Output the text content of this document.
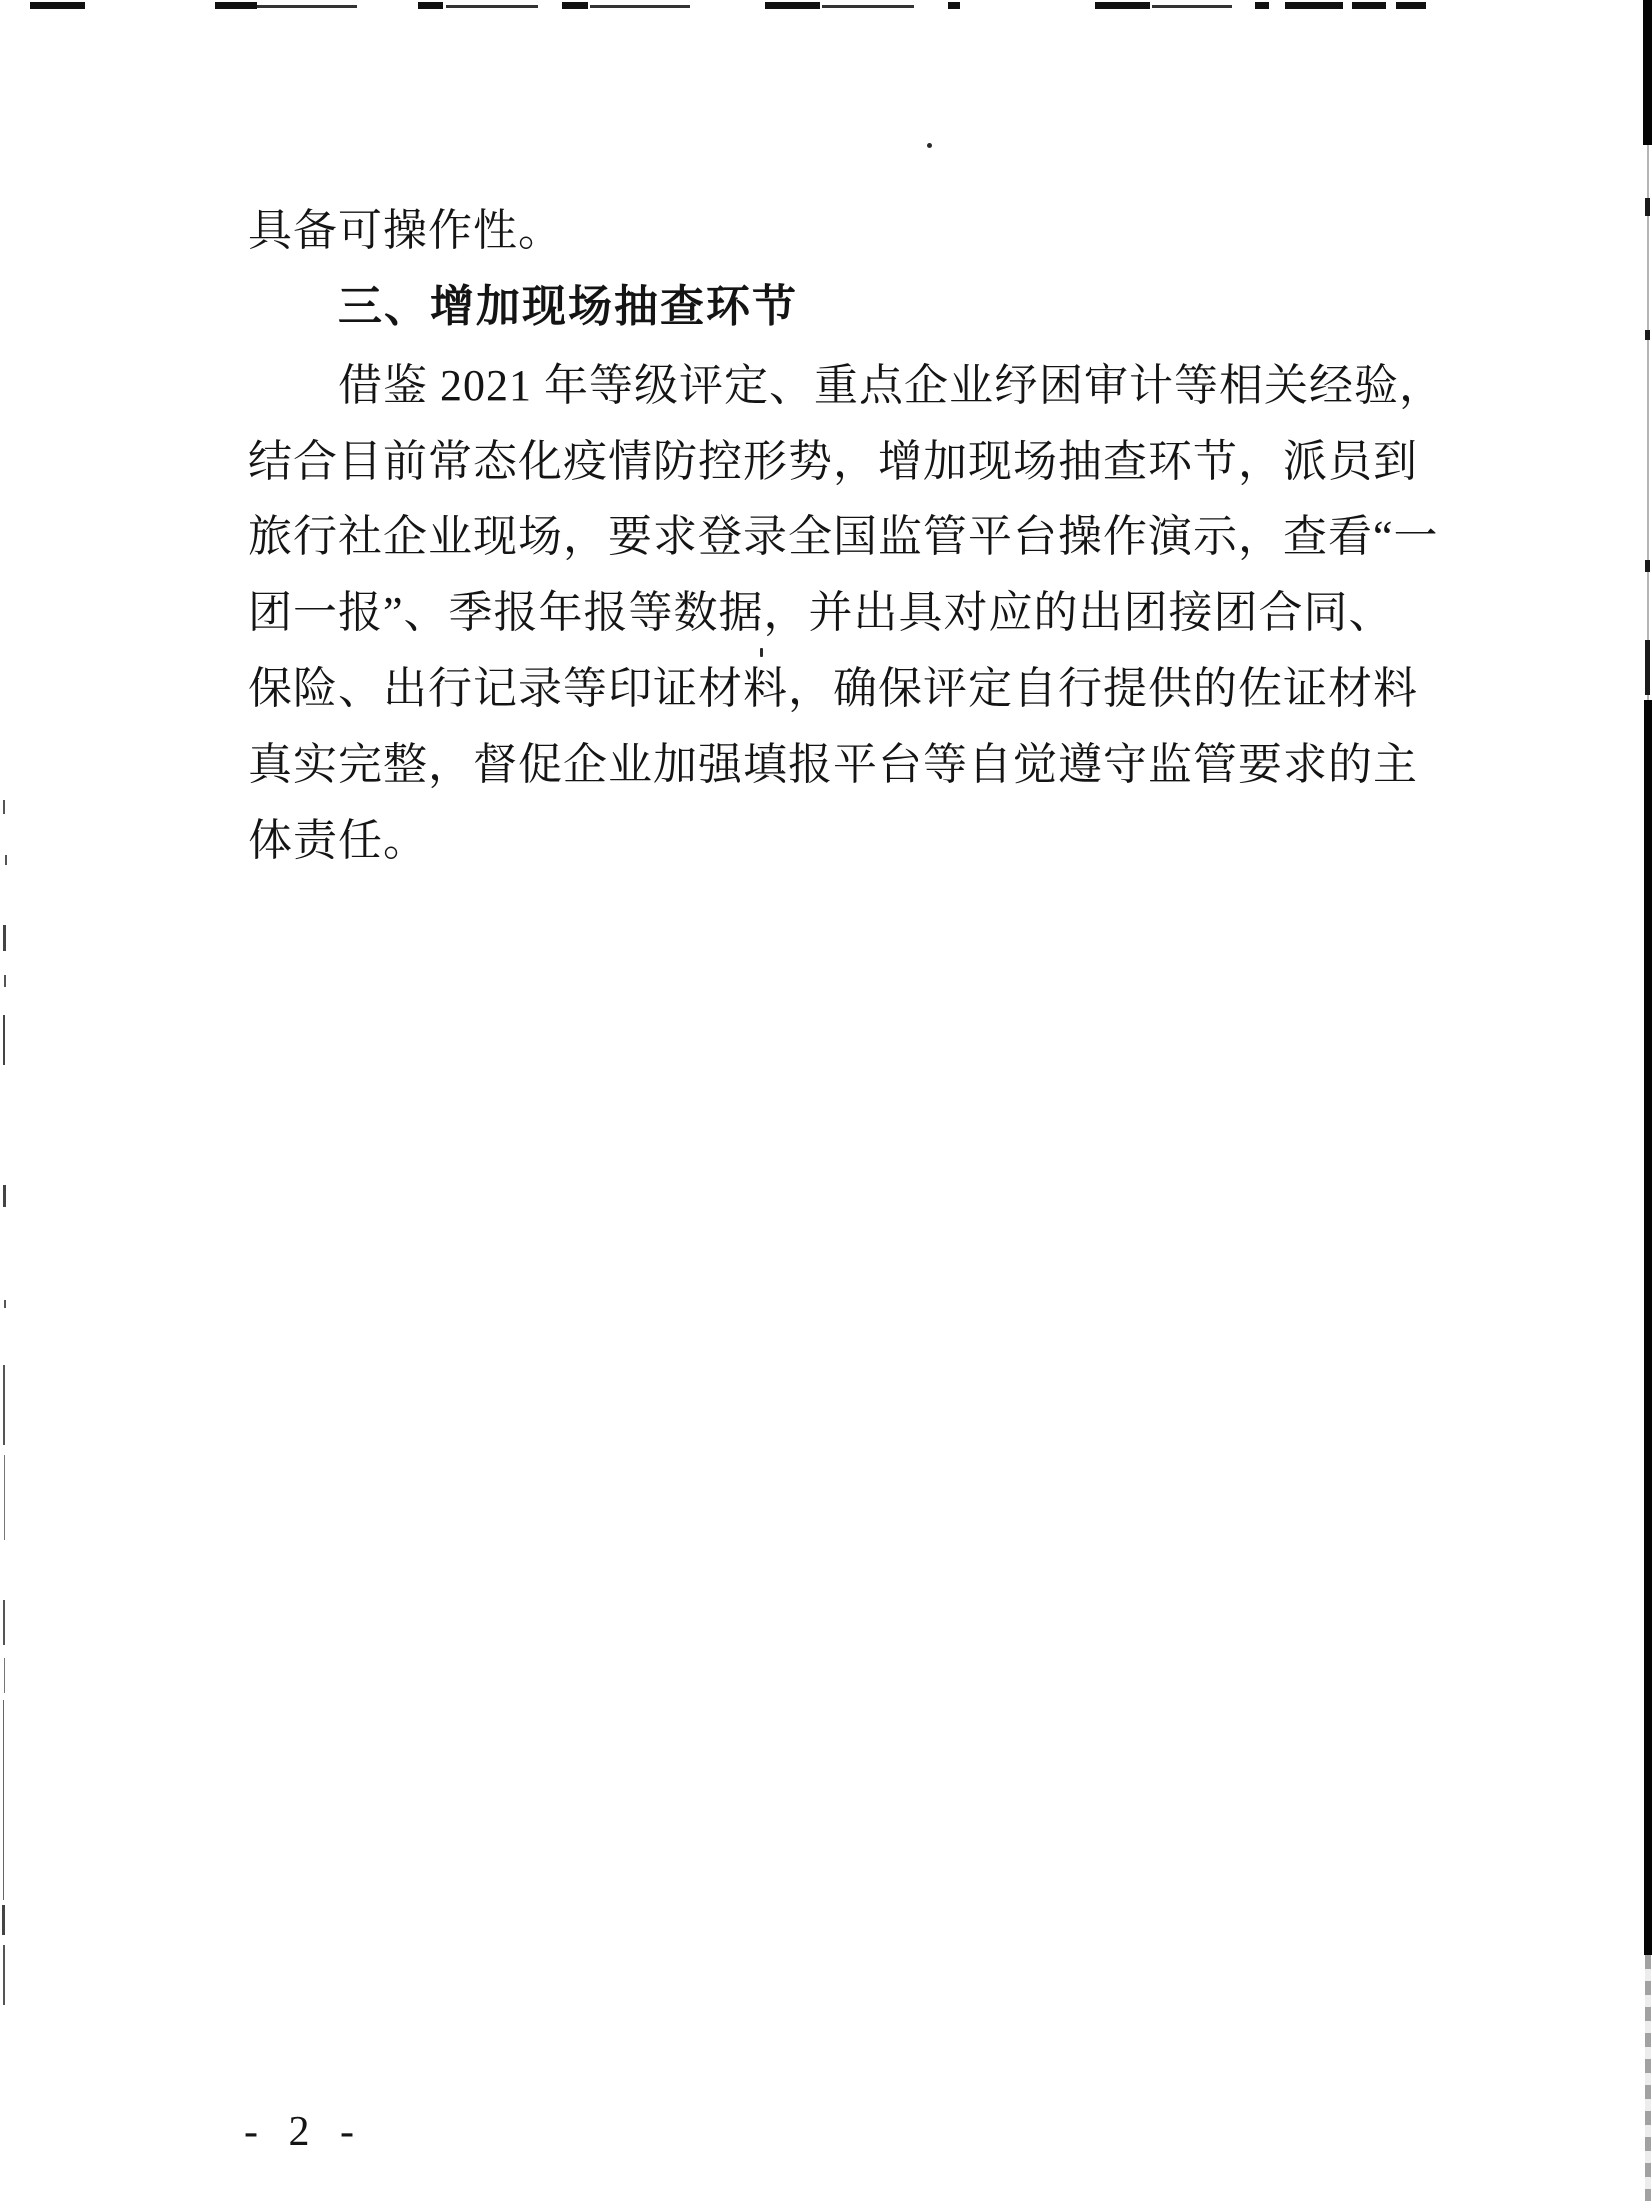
具备可操作性。
三、增加现场抽查环节
借鉴 2021 年等级评定、重点企业纾困审计等相关经验，
结合目前常态化疫情防控形势，增加现场抽查环节，派员到
旅行社企业现场，要求登录全国监管平台操作演示，查看“一
团一报”、季报年报等数据，并出具对应的出团接团合同、
保险、出行记录等印证材料，确保评定自行提供的佐证材料
真实完整，督促企业加强填报平台等自觉遵守监管要求的主
体责任。
- 2 -
